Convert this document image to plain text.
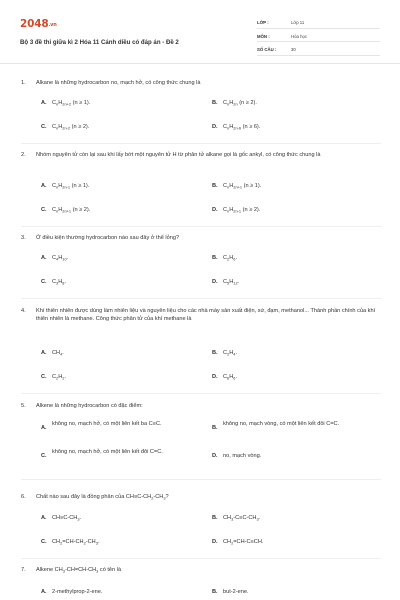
2048.vn
Bộ 3 đề thi giữa kì 2 Hóa 11 Cánh diều có đáp án - Đề 2
LỚP :	Lớp 11
MÔN :	Hóa học
SỐ CÂU :	30
1.	Alkane là những hydrocarbon no, mạch hở, có công thức chung là
A. $C_nH_{2n+2}$ (n ≥ 1).	B. $C_nH_{2n}$ (n ≥ 2).
C. $C_nH_{2n-2}$ (n ≥ 2).	D. $C_nH_{2n-6}$ (n ≥ 6).
2.	Nhóm nguyên tử còn lại sau khi lấy bớt một nguyên tử H từ phân tử alkane gọi là gốc ankyl, có công thức chung là
A. $C_nH_{2n-1}$ (n ≥ 1).	B. $C_nH_{2n+1}$ (n ≥ 1).
C. $C_nH_{2n+1}$ (n ≥ 2).	D. $C_nH_{2n-1}$ (n ≥ 2).
3.	Ở điều kiện thường hydrocarbon nào sau đây ở thể lỏng?
A. $C_4H_{10}$.	B. $C_2H_6$.
C. $C_3H_8$.	D. $C_5H_{12}$.
4.	Khí thiên nhiên được dùng làm nhiên liệu và nguyên liệu cho các nhà máy sản xuất điện, sứ, đạm, methanol... Thành phần chính của khí thiên nhiên là methane. Công thức phân tử của khí methane là
A. $CH_4$.	B. $C_2H_4$.
C. $C_2H_2$.	D. $C_6H_6$.
5.	Alkene là những hydrocarbon có đặc điểm:
A.
không no, mạch hở, có một liên kết ba C≡C.
B.
không no, mạch vòng, có một liên kết đôi C=C.
C.
không no, mạch hở, có một liên kết đôi C=C.
D. no, mạch vòng.
6.	Chất nào sau đây là đồng phân của $CH\equiv C-CH_2-CH_3$?
A. $CH\equiv C-CH_3$.	B. $CH_3-C\equiv C-CH_3$.
C. $CH_2=CH-CH_2-CH_3$.	D. $CH_2=CH-C\equiv CH$.
7.	Alkene $CH_3-CH=CH-CH_3$ có tên là
A. 2-methylprop-2-ene.	B. but-2-ene.
